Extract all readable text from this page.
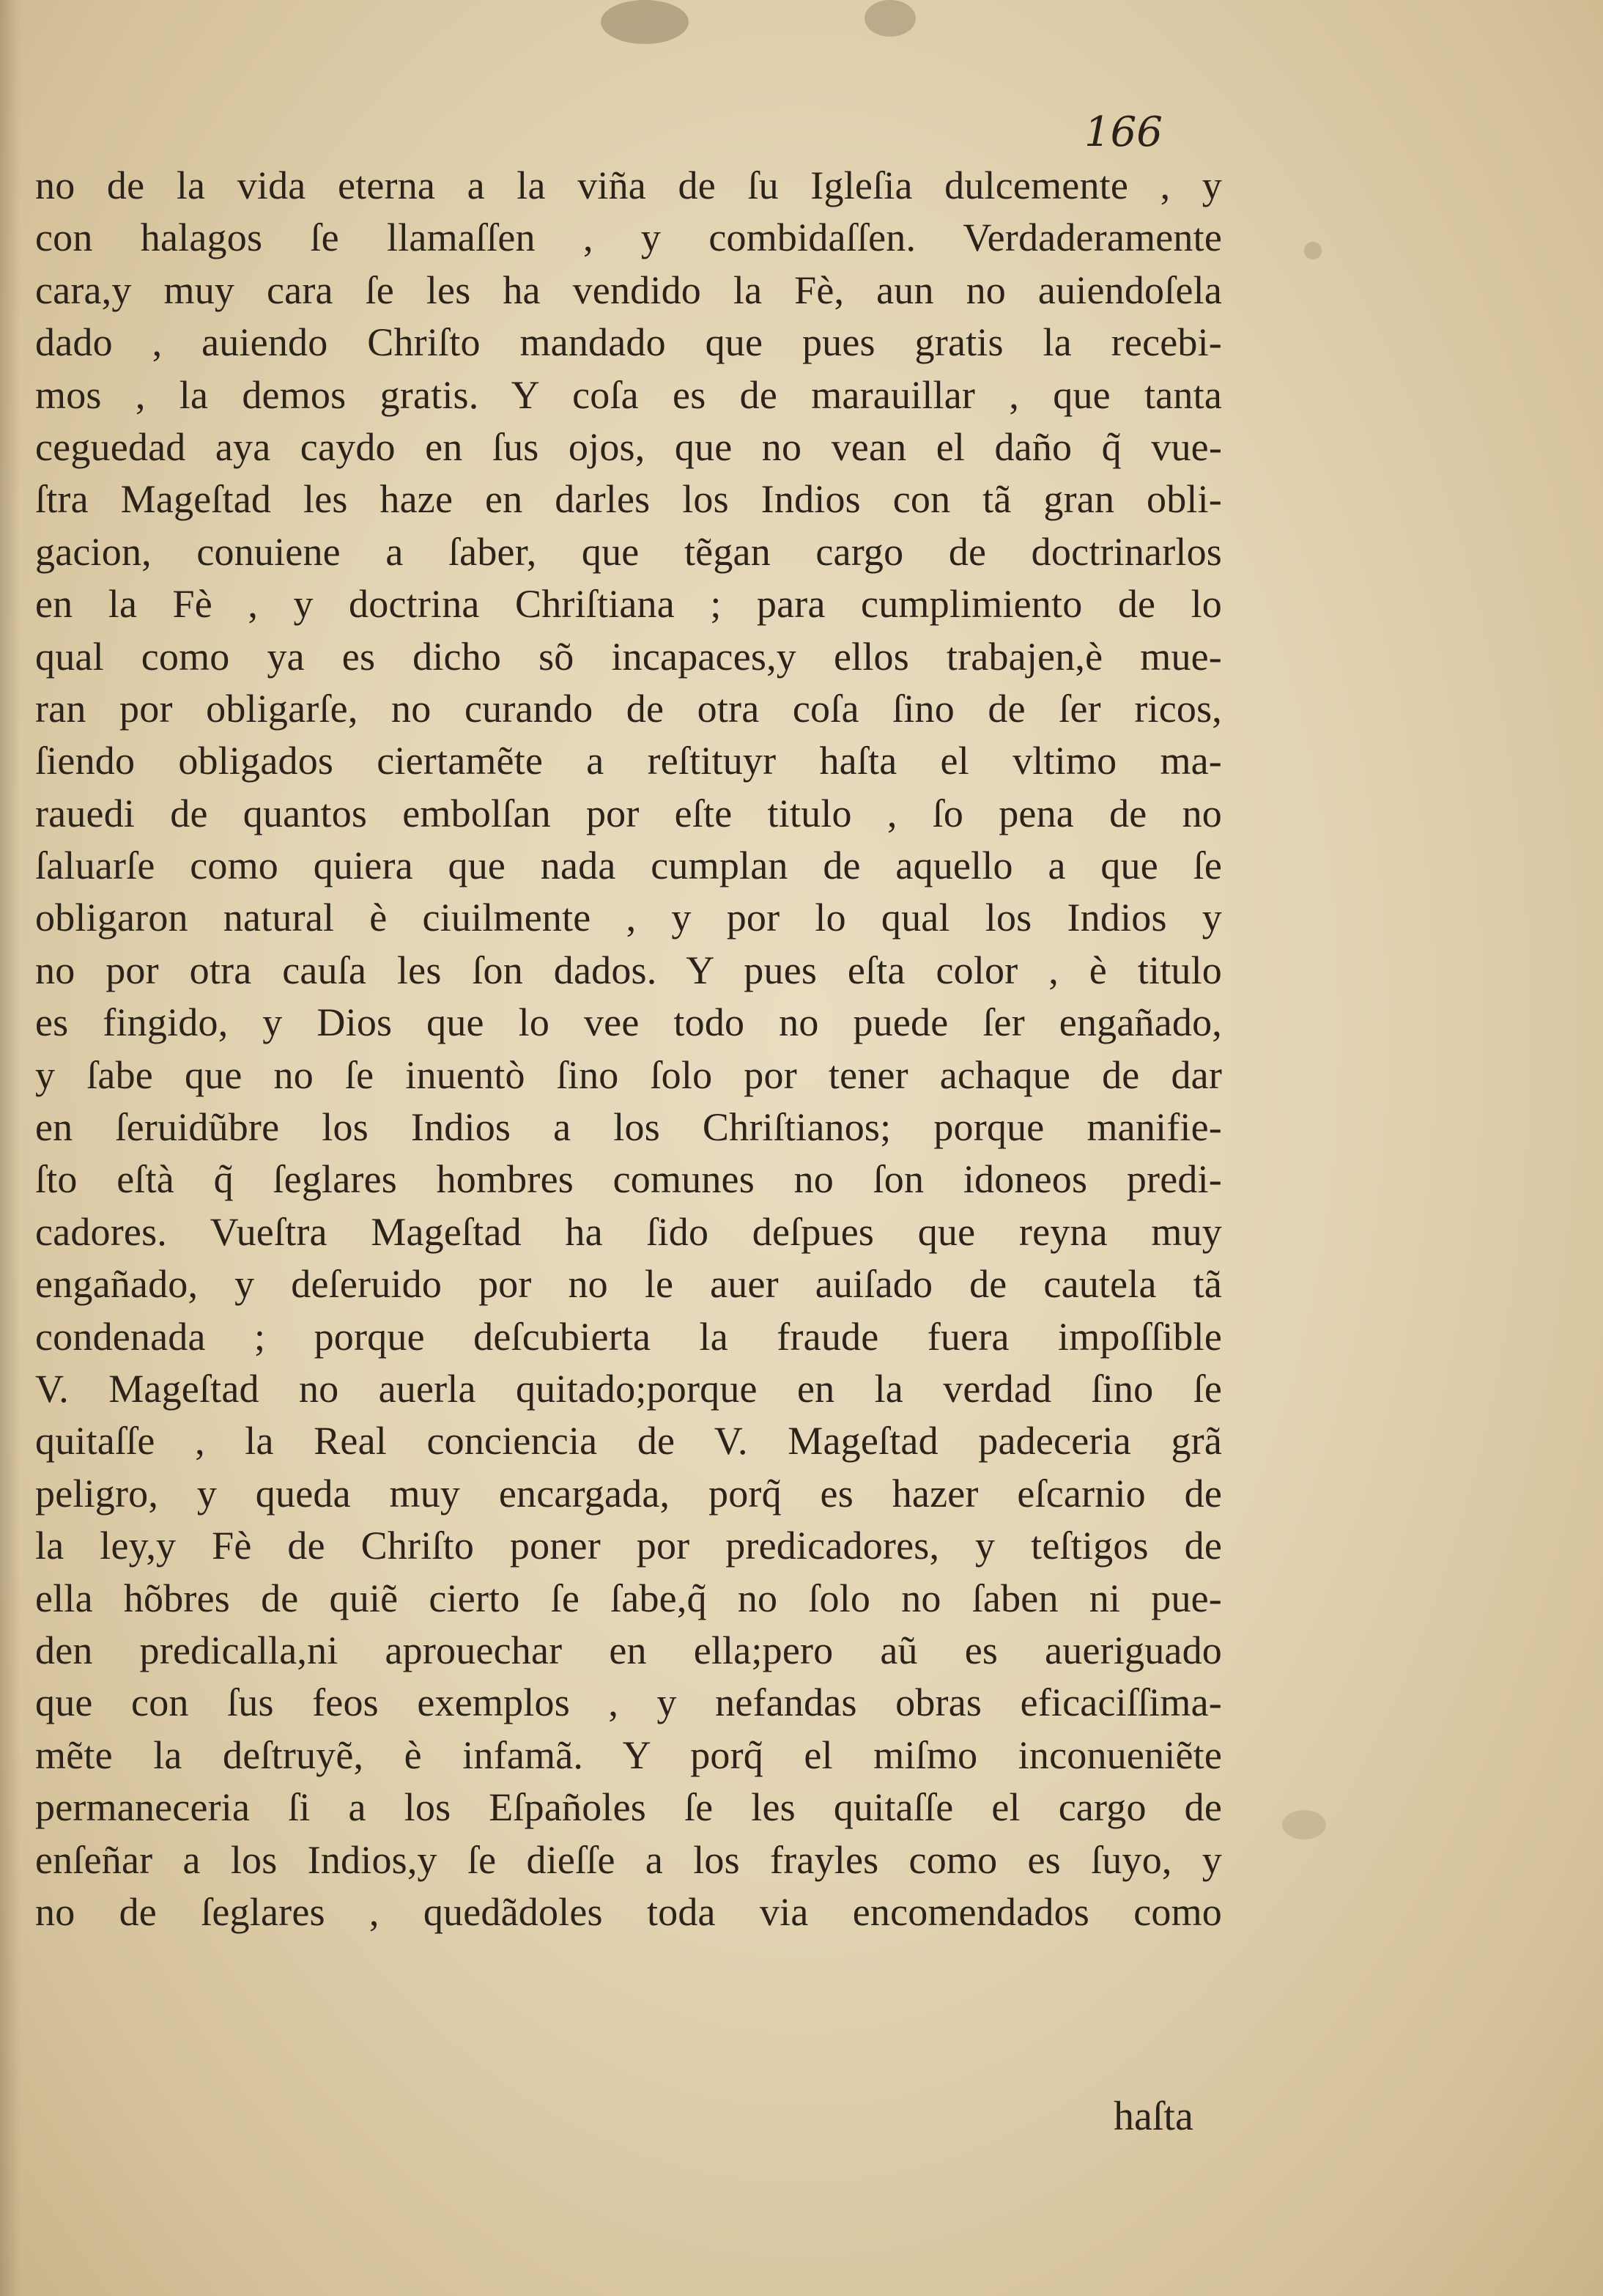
166
no de la vida eterna a la viña de ſu Igleſia dulcemente , y
con halagos ſe llamaſſen , y combidaſſen. Verdaderamente
cara,y muy cara ſe les ha vendido la Fè, aun no auiendoſela
dado , auiendo Chriſto mandado que pues gratis la recebi-
mos , la demos gratis. Y coſa es de marauillar , que tanta
ceguedad aya caydo en ſus ojos, que no vean el daño q̃ vue-
ſtra Mageſtad les haze en darles los Indios con tã gran obli-
gacion, conuiene a ſaber, que tẽgan cargo de doctrinarlos
en la Fè , y doctrina Chriſtiana ; para cumplimiento de lo
qual como ya es dicho sõ incapaces,y ellos trabajen,è mue-
ran por obligarſe, no curando de otra coſa ſino de ſer ricos,
ſiendo obligados ciertamẽte a reſtituyr haſta el vltimo ma-
rauedi de quantos embolſan por eſte titulo , ſo pena de no
ſaluarſe como quiera que nada cumplan de aquello a que ſe
obligaron natural è ciuilmente , y por lo qual los Indios y
no por otra cauſa les ſon dados. Y pues eſta color , è titulo
es fingido, y Dios que lo vee todo no puede ſer engañado,
y ſabe que no ſe inuentò ſino ſolo por tener achaque de dar
en ſeruidũbre los Indios a los Chriſtianos; porque manifie-
ſto eſtà q̃ ſeglares hombres comunes no ſon idoneos predi-
cadores. Vueſtra Mageſtad ha ſido deſpues que reyna muy
engañado, y deſeruido por no le auer auiſado de cautela tã
condenada ; porque deſcubierta la fraude fuera impoſſible
V. Mageſtad no auerla quitado;porque en la verdad ſino ſe
quitaſſe , la Real conciencia de V. Mageſtad padeceria grã
peligro, y queda muy encargada, porq̃ es hazer eſcarnio de
la ley,y Fè de Chriſto poner por predicadores, y teſtigos de
ella hõbres de quiẽ cierto ſe ſabe,q̃ no ſolo no ſaben ni pue-
den predicalla,ni aprouechar en ella;pero aũ es aueriguado
que con ſus feos exemplos , y nefandas obras eficaciſſima-
mẽte la deſtruyẽ, è infamã. Y porq̃ el miſmo inconueniẽte
permaneceria ſi a los Eſpañoles ſe les quitaſſe el cargo de
enſeñar a los Indios,y ſe dieſſe a los frayles como es ſuyo, y
no de ſeglares , quedãdoles toda via encomendados como
haſta
